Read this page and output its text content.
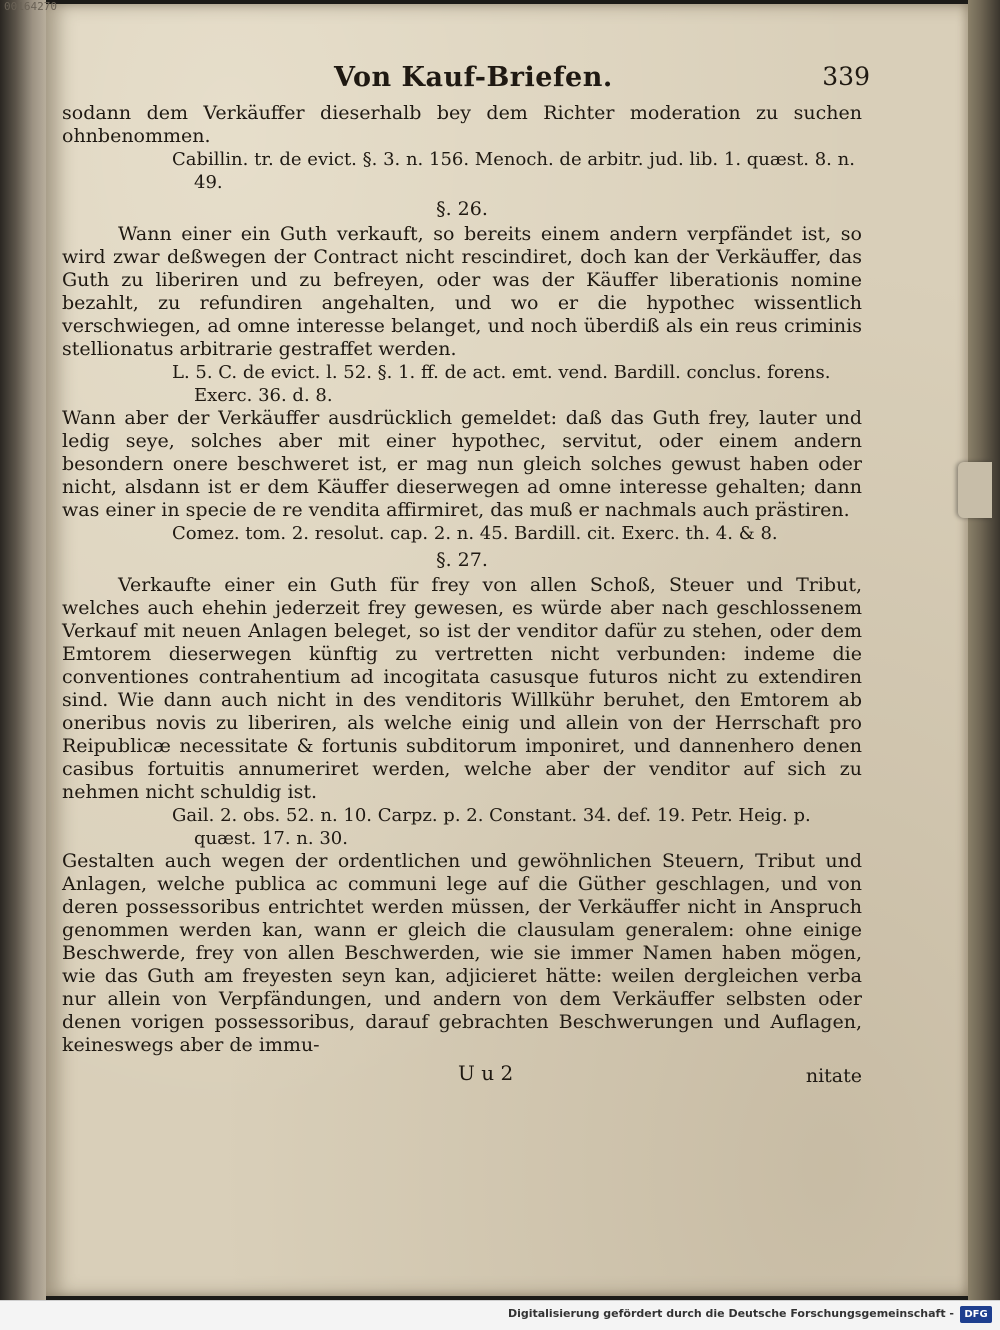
00164270
Von Kauf-Briefen.	339

sodann dem Verkäuffer dieserhalb bey dem Richter moderation zu suchen ohnbenommen.

Cabillin. tr. de evict. §. 3. n. 156. Menoch. de arbitr. jud. lib. 1. quæst. 8. n. 49.

§. 26.

Wann einer ein Guth verkauft, so bereits einem andern verpfändet ist, so wird zwar deßwegen der Contract nicht rescindiret, doch kan der Verkäuffer, das Guth zu liberiren und zu befreyen, oder was der Käuffer liberationis nomine bezahlt, zu refundiren angehalten, und wo er die hypothec wissentlich verschwiegen, ad omne interesse belanget, und noch überdiß als ein reus criminis stellionatus arbitrarie gestraffet werden.

L. 5. C. de evict. l. 52. §. 1. ff. de act. emt. vend. Bardill. conclus. forens. Exerc. 36. d. 8.

Wann aber der Verkäuffer ausdrücklich gemeldet: daß das Guth frey, lauter und ledig seye, solches aber mit einer hypothec, servitut, oder einem andern besondern onere beschweret ist, er mag nun gleich solches gewust haben oder nicht, alsdann ist er dem Käuffer dieserwegen ad omne interesse gehalten; dann was einer in specie de re vendita affirmiret, das muß er nachmals auch prästiren.

Comez. tom. 2. resolut. cap. 2. n. 45. Bardill. cit. Exerc. th. 4. & 8.

§. 27.

Verkaufte einer ein Guth für frey von allen Schoß, Steuer und Tribut, welches auch ehehin jederzeit frey gewesen, es würde aber nach geschlossenem Verkauf mit neuen Anlagen beleget, so ist der venditor dafür zu stehen, oder dem Emtorem dieserwegen künftig zu vertretten nicht verbunden: indeme die conventiones contrahentium ad incogitata casusque futuros nicht zu extendiren sind. Wie dann auch nicht in des venditoris Willkühr beruhet, den Emtorem ab oneribus novis zu liberiren, als welche einig und allein von der Herrschaft pro Reipublicæ necessitate & fortunis subditorum imponiret, und dannenhero denen casibus fortuitis annumeriret werden, welche aber der venditor auf sich zu nehmen nicht schuldig ist.

Gail. 2. obs. 52. n. 10. Carpz. p. 2. Constant. 34. def. 19. Petr. Heig. p. quæst. 17. n. 30.

Gestalten auch wegen der ordentlichen und gewöhnlichen Steuern, Tribut und Anlagen, welche publica ac communi lege auf die Güther geschlagen, und von deren possessoribus entrichtet werden müssen, der Verkäuffer nicht in Anspruch genommen werden kan, wann er gleich die clausulam generalem: ohne einige Beschwerde, frey von allen Beschwerden, wie sie immer Namen haben mögen, wie das Guth am freyesten seyn kan, adjicieret hätte: weilen dergleichen verba nur allein von Verpfändungen, und andern von dem Verkäuffer selbsten oder denen vorigen possessoribus, darauf gebrachten Beschwerungen und Auflagen, keineswegs aber de immu-

U u 2	nitate
Digitalisierung gefördert durch die Deutsche Forschungsgemeinschaft -	DFG
